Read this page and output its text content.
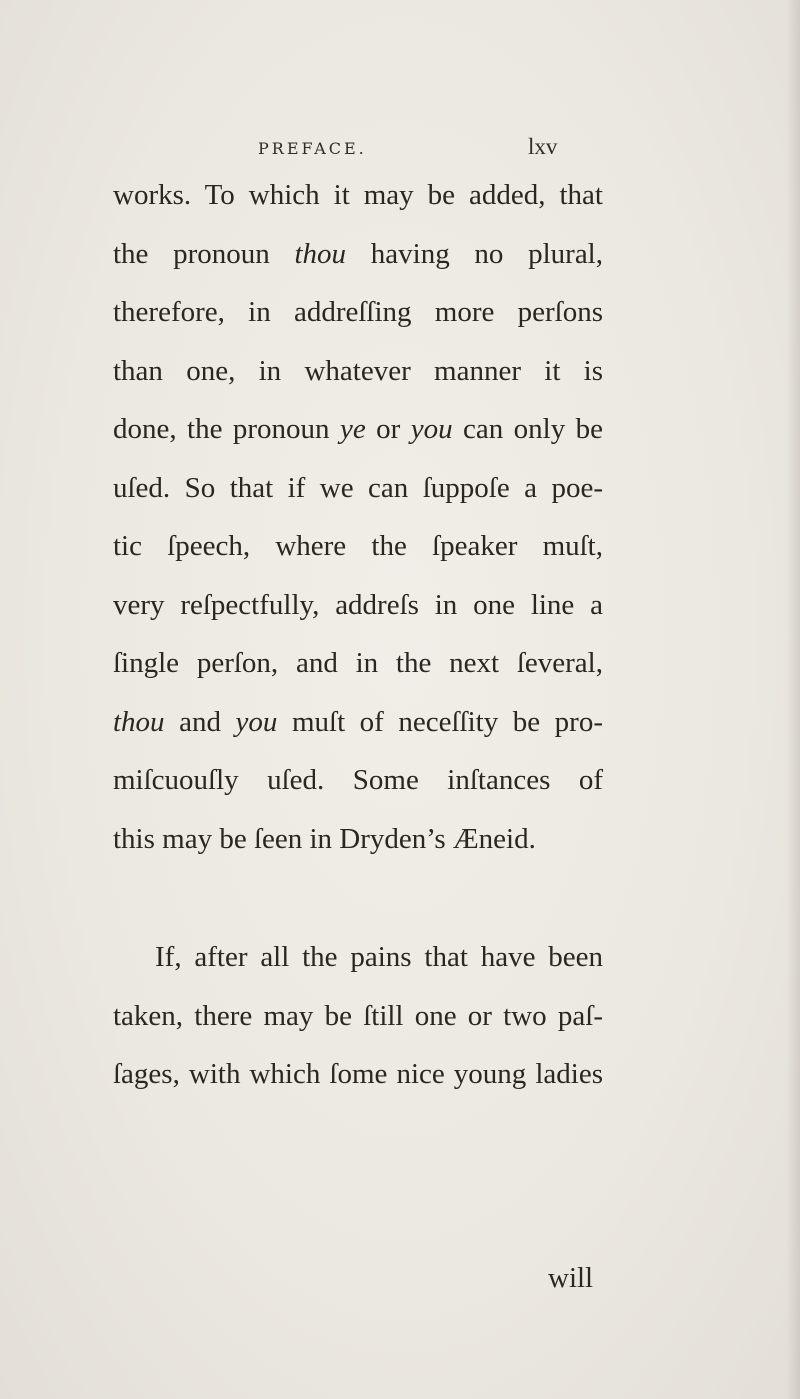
PREFACE.	lxv
works. To which it may be added, that
the pronoun thou having no plural,
therefore, in addreſſing more perſons
than one, in whatever manner it is
done, the pronoun ye or you can only be
uſed. So that if we can ſuppoſe a poe-
tic ſpeech, where the ſpeaker muſt,
very reſpectfully, addreſs in one line a
ſingle perſon, and in the next ſeveral,
thou and you muſt of neceſſity be pro-
miſcuouſly uſed. Some inſtances of
this may be ſeen in Dryden’s Æneid.
If, after all the pains that have been
taken, there may be ſtill one or two paſ-
ſages, with which ſome nice young ladies
will
